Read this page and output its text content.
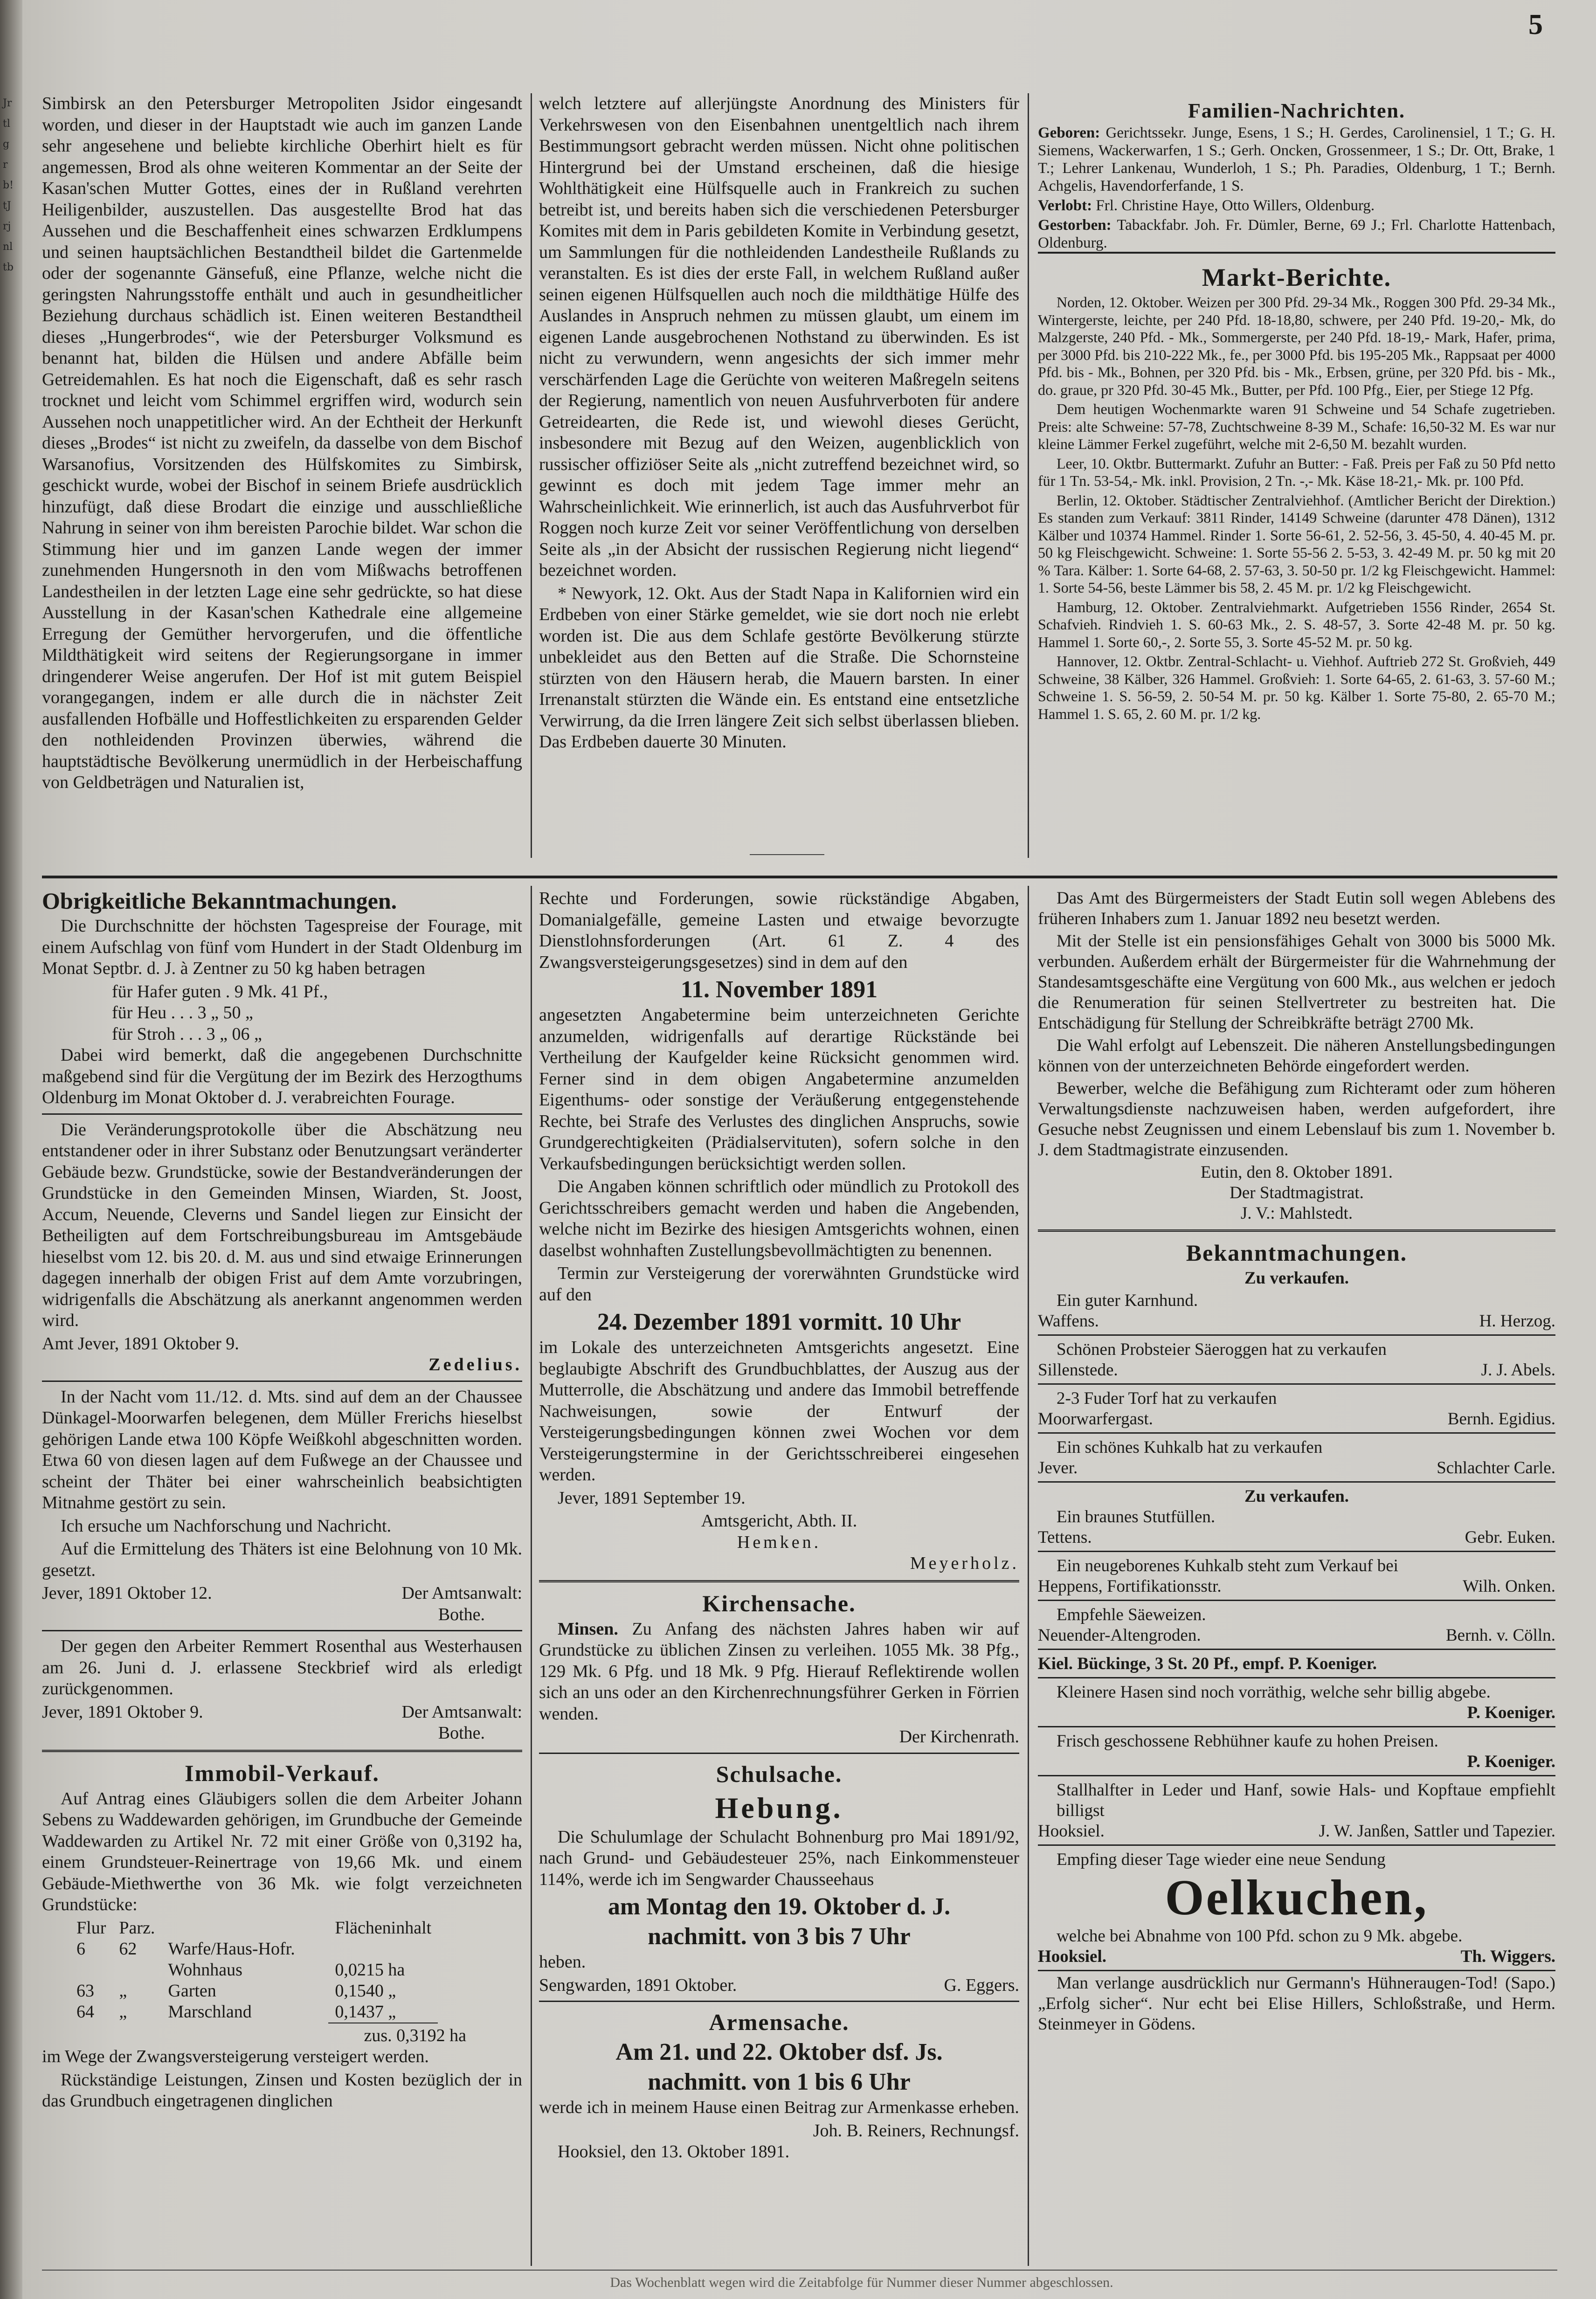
Jrtlgrb!tJrjnltb
5

Simbirsk an den Petersburger Metropoliten Jsidor eingesandt worden, und dieser in der Hauptstadt wie auch im ganzen Lande sehr angesehene und beliebte kirchliche Oberhirt hielt es für angemessen, Brod als ohne weiteren Kommentar an der Seite der Kasan'schen Mutter Gottes, eines der in Rußland verehrten Heiligenbilder, auszustellen. Das ausgestellte Brod hat das Aussehen und die Beschaffenheit eines schwarzen Erdklumpens und seinen hauptsächlichen Bestandtheil bildet die Gartenmelde oder der sogenannte Gänsefuß, eine Pflanze, welche nicht die geringsten Nahrungsstoffe enthält und auch in gesundheitlicher Beziehung durchaus schädlich ist. Einen weiteren Bestandtheil dieses „Hungerbrodes“, wie der Petersburger Volksmund es benannt hat, bilden die Hülsen und andere Abfälle beim Getreidemahlen. Es hat noch die Eigenschaft, daß es sehr rasch trocknet und leicht vom Schimmel ergriffen wird, wodurch sein Aussehen noch unappetitlicher wird. An der Echtheit der Herkunft dieses „Brodes“ ist nicht zu zweifeln, da dasselbe von dem Bischof Warsanofius, Vorsitzenden des Hülfskomites zu Simbirsk, geschickt wurde, wobei der Bischof in seinem Briefe ausdrücklich hinzufügt, daß diese Brodart die einzige und ausschließliche Nahrung in seiner von ihm bereisten Parochie bildet. War schon die Stimmung hier und im ganzen Lande wegen der immer zunehmenden Hungersnoth in den vom Mißwachs betroffenen Landestheilen in der letzten Lage eine sehr gedrückte, so hat diese Ausstellung in der Kasan'schen Kathedrale eine allgemeine Erregung der Gemüther hervorgerufen, und die öffentliche Mildthätigkeit wird seitens der Regierungsorgane in immer dringenderer Weise angerufen. Der Hof ist mit gutem Beispiel vorangegangen, indem er alle durch die in nächster Zeit ausfallenden Hofbälle und Hoffestlichkeiten zu ersparenden Gelder den nothleidenden Provinzen überwies, während die hauptstädtische Bevölkerung unermüdlich in der Herbeischaffung von Geldbeträgen und Naturalien ist,

welch letztere auf allerjüngste Anordnung des Ministers für Verkehrswesen von den Eisenbahnen unentgeltlich nach ihrem Bestimmungsort gebracht werden müssen. Nicht ohne politischen Hintergrund bei der Umstand erscheinen, daß die hiesige Wohlthätigkeit eine Hülfsquelle auch in Frankreich zu suchen betreibt ist, und bereits haben sich die verschiedenen Petersburger Komites mit dem in Paris gebildeten Komite in Verbindung gesetzt, um Sammlungen für die nothleidenden Landestheile Rußlands zu veranstalten. Es ist dies der erste Fall, in welchem Rußland außer seinen eigenen Hülfsquellen auch noch die mildthätige Hülfe des Auslandes in Anspruch nehmen zu müssen glaubt, um einem im eigenen Lande ausgebrochenen Nothstand zu überwinden. Es ist nicht zu verwundern, wenn angesichts der sich immer mehr verschärfenden Lage die Gerüchte von weiteren Maßregeln seitens der Regierung, namentlich von neuen Ausfuhrverboten für andere Getreidearten, die Rede ist, und wiewohl dieses Gerücht, insbesondere mit Bezug auf den Weizen, augenblicklich von russischer offiziöser Seite als „nicht zutreffend bezeichnet wird, so gewinnt es doch mit jedem Tage immer mehr an Wahrscheinlichkeit. Wie erinnerlich, ist auch das Ausfuhrverbot für Roggen noch kurze Zeit vor seiner Veröffentlichung von derselben Seite als „in der Absicht der russischen Regierung nicht liegend“ bezeichnet worden.

* Newyork, 12. Okt. Aus der Stadt Napa in Kalifornien wird ein Erdbeben von einer Stärke gemeldet, wie sie dort noch nie erlebt worden ist. Die aus dem Schlafe gestörte Bevölkerung stürzte unbekleidet aus den Betten auf die Straße. Die Schornsteine stürzten von den Häusern herab, die Mauern barsten. In einer Irrenanstalt stürzten die Wände ein. Es entstand eine entsetzliche Verwirrung, da die Irren längere Zeit sich selbst überlassen blieben. Das Erdbeben dauerte 30 Minuten.

Familien-Nachrichten.

Geboren: Gerichtssekr. Junge, Esens, 1 S.; H. Gerdes, Carolinensiel, 1 T.; G. H. Siemens, Wackerwarfen, 1 S.; Gerh. Oncken, Grossenmeer, 1 S.; Dr. Ott, Brake, 1 T.; Lehrer Lankenau, Wunderloh, 1 S.; Ph. Paradies, Oldenburg, 1 T.; Bernh. Achgelis, Havendorferfande, 1 S.

Verlobt: Frl. Christine Haye, Otto Willers, Oldenburg.

Gestorben: Tabackfabr. Joh. Fr. Dümler, Berne, 69 J.; Frl. Charlotte Hattenbach, Oldenburg.

Markt-Berichte.

Norden, 12. Oktober. Weizen per 300 Pfd. 29-34 Mk., Roggen 300 Pfd. 29-34 Mk., Wintergerste, leichte, per 240 Pfd. 18-18,80, schwere, per 240 Pfd. 19-20,- Mk, do Malzgerste, 240 Pfd. - Mk., Sommergerste, per 240 Pfd. 18-19,- Mark, Hafer, prima, per 3000 Pfd. bis 210-222 Mk., fe., per 3000 Pfd. bis 195-205 Mk., Rappsaat per 4000 Pfd. bis - Mk., Bohnen, per 320 Pfd. bis - Mk., Erbsen, grüne, per 320 Pfd. bis - Mk., do. graue, pr 320 Pfd. 30-45 Mk., Butter, per Pfd. 100 Pfg., Eier, per Stiege 12 Pfg.

Dem heutigen Wochenmarkte waren 91 Schweine und 54 Schafe zugetrieben. Preis: alte Schweine: 57-78, Zuchtschweine 8-39 M., Schafe: 16,50-32 M. Es war nur kleine Lämmer Ferkel zugeführt, welche mit 2-6,50 M. bezahlt wurden.

Leer, 10. Oktbr. Buttermarkt. Zufuhr an Butter: - Faß. Preis per Faß zu 50 Pfd netto für 1 Tn. 53-54,- Mk. inkl. Provision, 2 Tn. -,- Mk. Käse 18-21,- Mk. pr. 100 Pfd.

Berlin, 12. Oktober. Städtischer Zentralviehhof. (Amtlicher Bericht der Direktion.) Es standen zum Verkauf: 3811 Rinder, 14149 Schweine (darunter 478 Dänen), 1312 Kälber und 10374 Hammel. Rinder 1. Sorte 56-61, 2. 52-56, 3. 45-50, 4. 40-45 M. pr. 50 kg Fleischgewicht. Schweine: 1. Sorte 55-56 2. 5-53, 3. 42-49 M. pr. 50 kg mit 20 % Tara. Kälber: 1. Sorte 64-68, 2. 57-63, 3. 50-50 pr. 1/2 kg Fleischgewicht. Hammel: 1. Sorte 54-56, beste Lämmer bis 58, 2. 45 M. pr. 1/2 kg Fleischgewicht.

Hamburg, 12. Oktober. Zentralviehmarkt. Aufgetrieben 1556 Rinder, 2654 St. Schafvieh. Rindvieh 1. S. 60-63 Mk., 2. S. 48-57, 3. Sorte 42-48 M. pr. 50 kg. Hammel 1. Sorte 60,-, 2. Sorte 55, 3. Sorte 45-52 M. pr. 50 kg.

Hannover, 12. Oktbr. Zentral-Schlacht- u. Viehhof. Auftrieb 272 St. Großvieh, 449 Schweine, 38 Kälber, 326 Hammel. Großvieh: 1. Sorte 64-65, 2. 61-63, 3. 57-60 M.; Schweine 1. S. 56-59, 2. 50-54 M. pr. 50 kg. Kälber 1. Sorte 75-80, 2. 65-70 M.; Hammel 1. S. 65, 2. 60 M. pr. 1/2 kg.

Obrigkeitliche Bekanntmachungen.

Die Durchschnitte der höchsten Tagespreise der Fourage, mit einem Aufschlag von fünf vom Hundert in der Stadt Oldenburg im Monat Septbr. d. J. à Zentner zu 50 kg haben betragen

für Hafer guten . 9 Mk. 41 Pf.,
für Heu . . . 3 „ 50 „
für Stroh . . . 3 „ 06 „

Dabei wird bemerkt, daß die angegebenen Durchschnitte maßgebend sind für die Vergütung der im Bezirk des Herzogthums Oldenburg im Monat Oktober d. J. verabreichten Fourage.

Die Veränderungsprotokolle über die Abschätzung neu entstandener oder in ihrer Substanz oder Benutzungsart veränderter Gebäude bezw. Grundstücke, sowie der Bestandveränderungen der Grundstücke in den Gemeinden Minsen, Wiarden, St. Joost, Accum, Neuende, Cleverns und Sandel liegen zur Einsicht der Betheiligten auf dem Fortschreibungsbureau im Amtsgebäude hieselbst vom 12. bis 20. d. M. aus und sind etwaige Erinnerungen dagegen innerhalb der obigen Frist auf dem Amte vorzubringen, widrigenfalls die Abschätzung als anerkannt angenommen werden wird.

Amt Jever, 1891 Oktober 9.
Zedelius.

In der Nacht vom 11./12. d. Mts. sind auf dem an der Chaussee Dünkagel-Moorwarfen belegenen, dem Müller Frerichs hieselbst gehörigen Lande etwa 100 Köpfe Weißkohl abgeschnitten worden. Etwa 60 von diesen lagen auf dem Fußwege an der Chaussee und scheint der Thäter bei einer wahrscheinlich beabsichtigten Mitnahme gestört zu sein.

Ich ersuche um Nachforschung und Nachricht.

Auf die Ermittelung des Thäters ist eine Belohnung von 10 Mk. gesetzt.

Jever, 1891 Oktober 12.	Der Amtsanwalt:
Bothe.

Der gegen den Arbeiter Remmert Rosenthal aus Westerhausen am 26. Juni d. J. erlassene Steckbrief wird als erledigt zurückgenommen.

Jever, 1891 Oktober 9.	Der Amtsanwalt:
Bothe.
Immobil-Verkauf.

Auf Antrag eines Gläubigers sollen die dem Arbeiter Johann Sebens zu Waddewarden gehörigen, im Grundbuche der Gemeinde Waddewarden zu Artikel Nr. 72 mit einer Größe von 0,3192 ha, einem Grundsteuer-Reinertrage von 19,66 Mk. und einem Gebäude-Miethwerthe von 36 Mk. wie folgt verzeichneten Grundstücke:

Flur	Parz.		Flächeninhalt
6	62	Warfe/Haus-Hofr.	
		Wohnhaus	0,0215 ha
63	„	Garten	0,1540 „
64	„	Marschland	0,1437 „
zus. 0,3192 ha

im Wege der Zwangsversteigerung versteigert werden.

Rückständige Leistungen, Zinsen und Kosten bezüglich der in das Grundbuch eingetragenen dinglichen

Rechte und Forderungen, sowie rückständige Abgaben, Domanialgefälle, gemeine Lasten und etwaige bevorzugte Dienstlohnsforderungen (Art. 61 Z. 4 des Zwangsversteigerungsgesetzes) sind in dem auf den

11. November 1891

angesetzten Angabetermine beim unterzeichneten Gerichte anzumelden, widrigenfalls auf derartige Rückstände bei Vertheilung der Kaufgelder keine Rücksicht genommen wird. Ferner sind in dem obigen Angabetermine anzumelden Eigenthums- oder sonstige der Veräußerung entgegenstehende Rechte, bei Strafe des Verlustes des dinglichen Anspruchs, sowie Grundgerechtigkeiten (Prädialservituten), sofern solche in den Verkaufsbedingungen berücksichtigt werden sollen.

Die Angaben können schriftlich oder mündlich zu Protokoll des Gerichtsschreibers gemacht werden und haben die Angebenden, welche nicht im Bezirke des hiesigen Amtsgerichts wohnen, einen daselbst wohnhaften Zustellungsbevollmächtigten zu benennen.

Termin zur Versteigerung der vorerwähnten Grundstücke wird auf den

24. Dezember 1891 vormitt. 10 Uhr

im Lokale des unterzeichneten Amtsgerichts angesetzt. Eine beglaubigte Abschrift des Grundbuchblattes, der Auszug aus der Mutterrolle, die Abschätzung und andere das Immobil betreffende Nachweisungen, sowie der Entwurf der Versteigerungsbedingungen können zwei Wochen vor dem Versteigerungstermine in der Gerichtsschreiberei eingesehen werden.

Jever, 1891 September 19.

Amtsgericht, Abth. II.
Hemken.
Meyerholz.
Kirchensache.

Minsen. Zu Anfang des nächsten Jahres haben wir auf Grundstücke zu üblichen Zinsen zu verleihen. 1055 Mk. 38 Pfg., 129 Mk. 6 Pfg. und 18 Mk. 9 Pfg. Hierauf Reflektirende wollen sich an uns oder an den Kirchenrechnungsführer Gerken in Förrien wenden.

Der Kirchenrath.
Schulsache.
Hebung.

Die Schulumlage der Schulacht Bohnenburg pro Mai 1891/92, nach Grund- und Gebäudesteuer 25%, nach Einkommensteuer 114%, werde ich im Sengwarder Chausseehaus

am Montag den 19. Oktober d. J.
nachmitt. von 3 bis 7 Uhr

heben.

Sengwarden, 1891 Oktober.	G. Eggers.
Armensache.
Am 21. und 22. Oktober dsf. Js.
nachmitt. von 1 bis 6 Uhr

werde ich in meinem Hause einen Beitrag zur Armenkasse erheben.

Joh. B. Reiners, Rechnungsf.

Hooksiel, den 13. Oktober 1891.

Das Amt des Bürgermeisters der Stadt Eutin soll wegen Ablebens des früheren Inhabers zum 1. Januar 1892 neu besetzt werden.

Mit der Stelle ist ein pensionsfähiges Gehalt von 3000 bis 5000 Mk. verbunden. Außerdem erhält der Bürgermeister für die Wahrnehmung der Standesamtsgeschäfte eine Vergütung von 600 Mk., aus welchen er jedoch die Renumeration für seinen Stellvertreter zu bestreiten hat. Die Entschädigung für Stellung der Schreibkräfte beträgt 2700 Mk.

Die Wahl erfolgt auf Lebenszeit. Die näheren Anstellungsbedingungen können von der unterzeichneten Behörde eingefordert werden.

Bewerber, welche die Befähigung zum Richteramt oder zum höheren Verwaltungsdienste nachzuweisen haben, werden aufgefordert, ihre Gesuche nebst Zeugnissen und einem Lebenslauf bis zum 1. November b. J. dem Stadtmagistrate einzusenden.

Eutin, den 8. Oktober 1891.
Der Stadtmagistrat.
J. V.: Mahlstedt.
Bekanntmachungen.
Zu verkaufen.
Ein guter Karnhund.
Waffens.	H. Herzog.
Schönen Probsteier Säeroggen hat zu verkaufen
Sillenstede.	J. J. Abels.
2-3 Fuder Torf hat zu verkaufen
Moorwarfergast.	Bernh. Egidius.
Ein schönes Kuhkalb hat zu verkaufen
Jever.	Schlachter Carle.
Zu verkaufen.
Ein braunes Stutfüllen.
Tettens.	Gebr. Euken.
Ein neugeborenes Kuhkalb steht zum Verkauf bei
Heppens, Fortifikationsstr.	Wilh. Onken.
Empfehle Säeweizen.
Neuender-Altengroden.	Bernh. v. Cölln.
Kiel. Bückinge, 3 St. 20 Pf., empf. P. Koeniger.
Kleinere Hasen sind noch vorräthig, welche sehr billig abgebe.
P. Koeniger.
Frisch geschossene Rebhühner kaufe zu hohen Preisen.
P. Koeniger.
Stallhalfter in Leder und Hanf, sowie Hals- und Kopftaue empfiehlt billigst
Hooksiel.	J. W. Janßen, Sattler und Tapezier.
Empfing dieser Tage wieder eine neue Sendung
Oelkuchen,
welche bei Abnahme von 100 Pfd. schon zu 9 Mk. abgebe.
Hooksiel.	Th. Wiggers.

Man verlange ausdrücklich nur Germann's Hühneraugen-Tod! (Sapo.) „Erfolg sicher“. Nur echt bei Elise Hillers, Schloßstraße, und Herm. Steinmeyer in Gödens.

Das Wochenblatt wegen wird die Zeitabfolge für Nummer dieser Nummer abgeschlossen.
